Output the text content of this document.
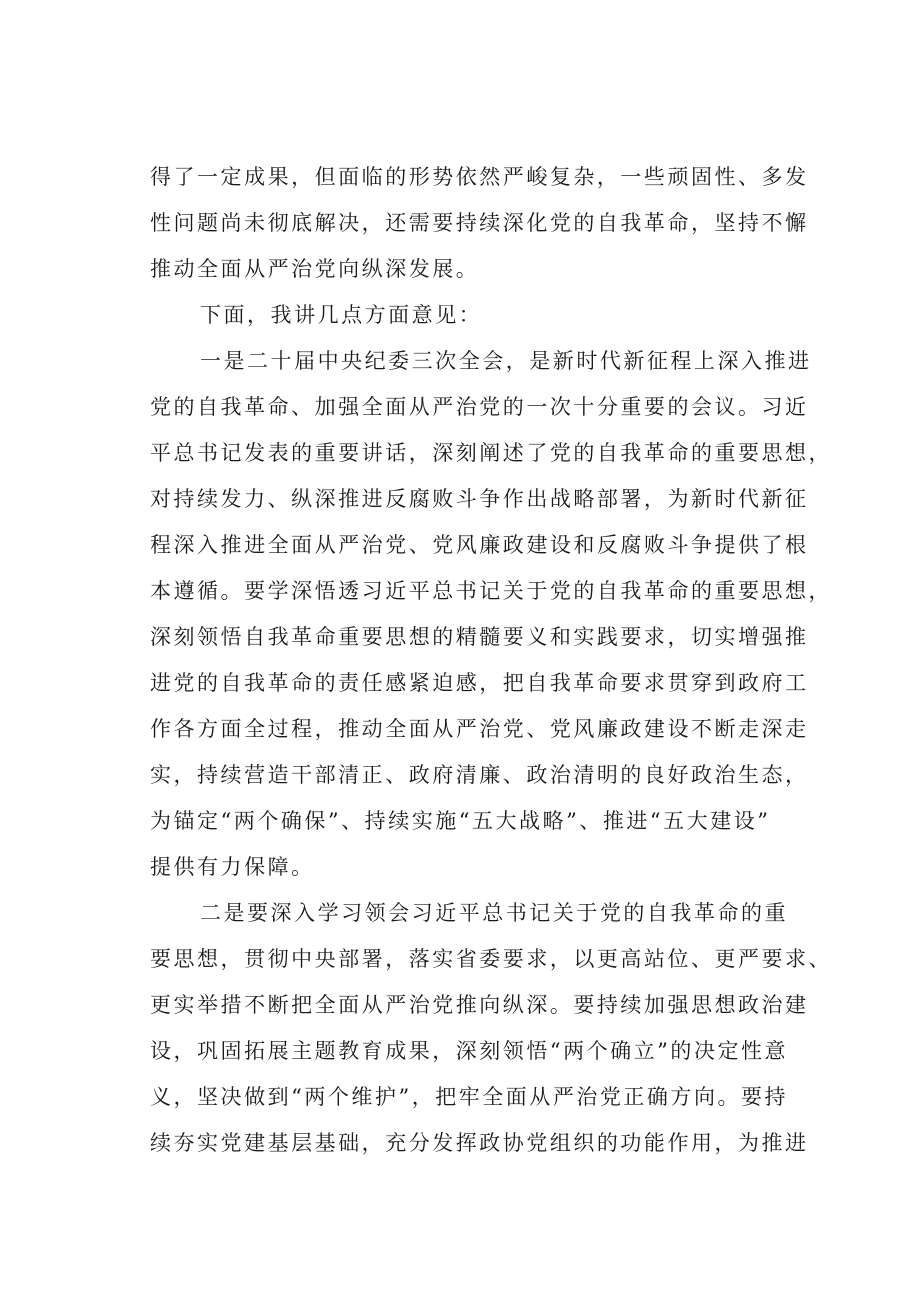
得了一定成果，但面临的形势依然严峻复杂，一些顽固性、多发
性问题尚未彻底解决，还需要持续深化党的自我革命，坚持不懈
推动全面从严治党向纵深发展。

下面，我讲几点方面意见：

一是二十届中央纪委三次全会，是新时代新征程上深入推进
党的自我革命、加强全面从严治党的一次十分重要的会议。习近
平总书记发表的重要讲话，深刻阐述了党的自我革命的重要思想，
对持续发力、纵深推进反腐败斗争作出战略部署，为新时代新征
程深入推进全面从严治党、党风廉政建设和反腐败斗争提供了根
本遵循。要学深悟透习近平总书记关于党的自我革命的重要思想，
深刻领悟自我革命重要思想的精髓要义和实践要求，切实增强推
进党的自我革命的责任感紧迫感，把自我革命要求贯穿到政府工
作各方面全过程，推动全面从严治党、党风廉政建设不断走深走
实，持续营造干部清正、政府清廉、政治清明的良好政治生态，
为锚定“两个确保”、持续实施“五大战略”、推进“五大建设”
提供有力保障。

二是要深入学习领会习近平总书记关于党的自我革命的重
要思想，贯彻中央部署，落实省委要求，以更高站位、更严要求、
更实举措不断把全面从严治党推向纵深。要持续加强思想政治建
设，巩固拓展主题教育成果，深刻领悟“两个确立”的决定性意
义，坚决做到“两个维护”，把牢全面从严治党正确方向。要持
续夯实党建基层基础，充分发挥政协党组织的功能作用，为推进
